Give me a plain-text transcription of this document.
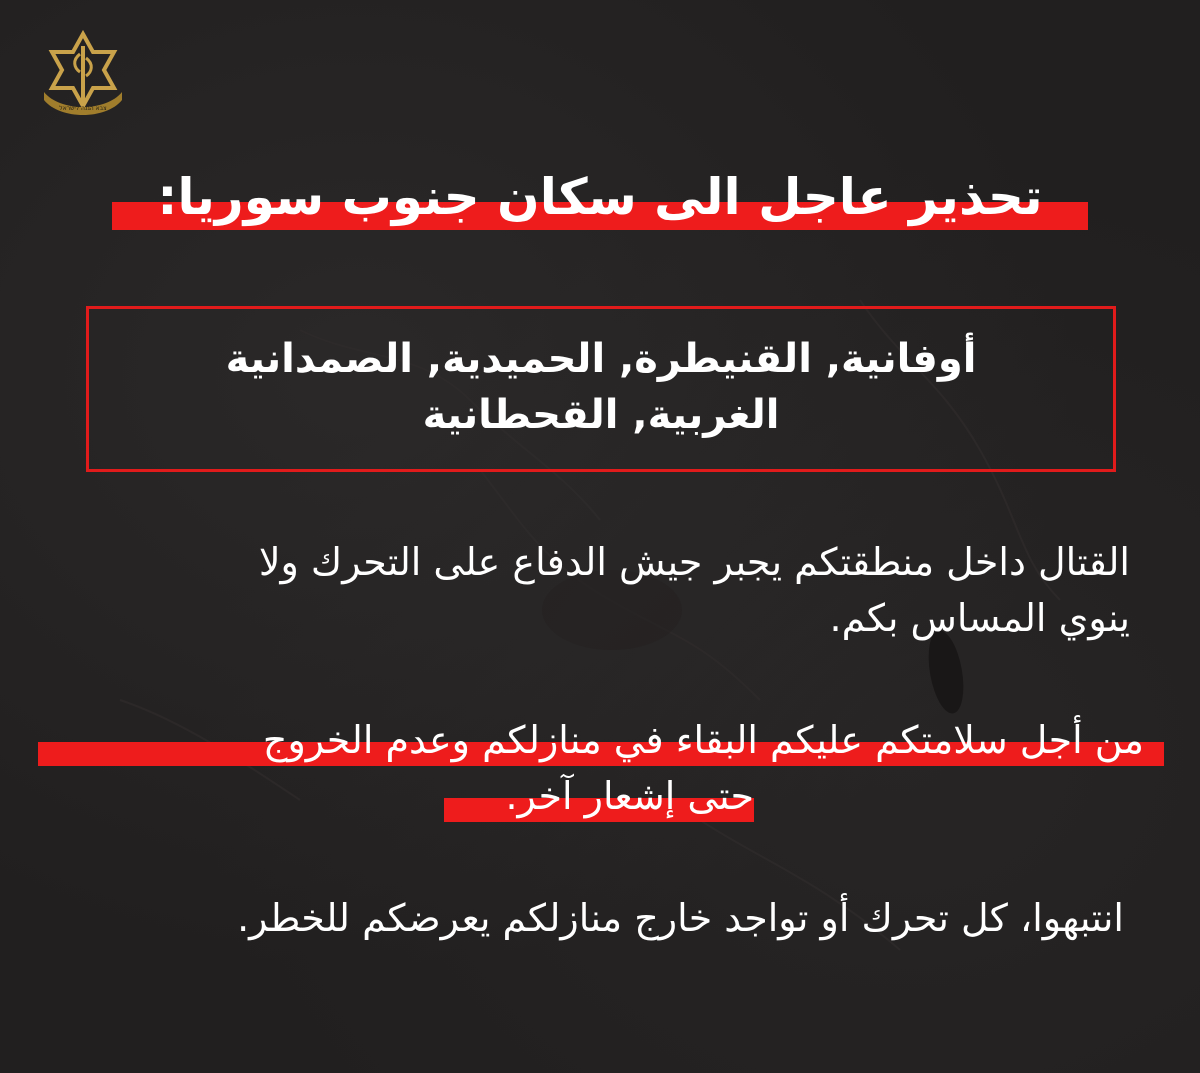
צבא הגנה לישראל
تحذير عاجل الى سكان جنوب سوريا:
أوفانية, القنيطرة, الحميدية, الصمدانية
الغربية, القحطانية
القتال داخل منطقتكم يجبر جيش الدفاع على التحرك ولا
ينوي المساس بكم.
من أجل سلامتكم عليكم البقاء في منازلكم وعدم الخروج
حتى إشعار آخر.
انتبهوا، كل تحرك أو تواجد خارج منازلكم يعرضكم للخطر.
